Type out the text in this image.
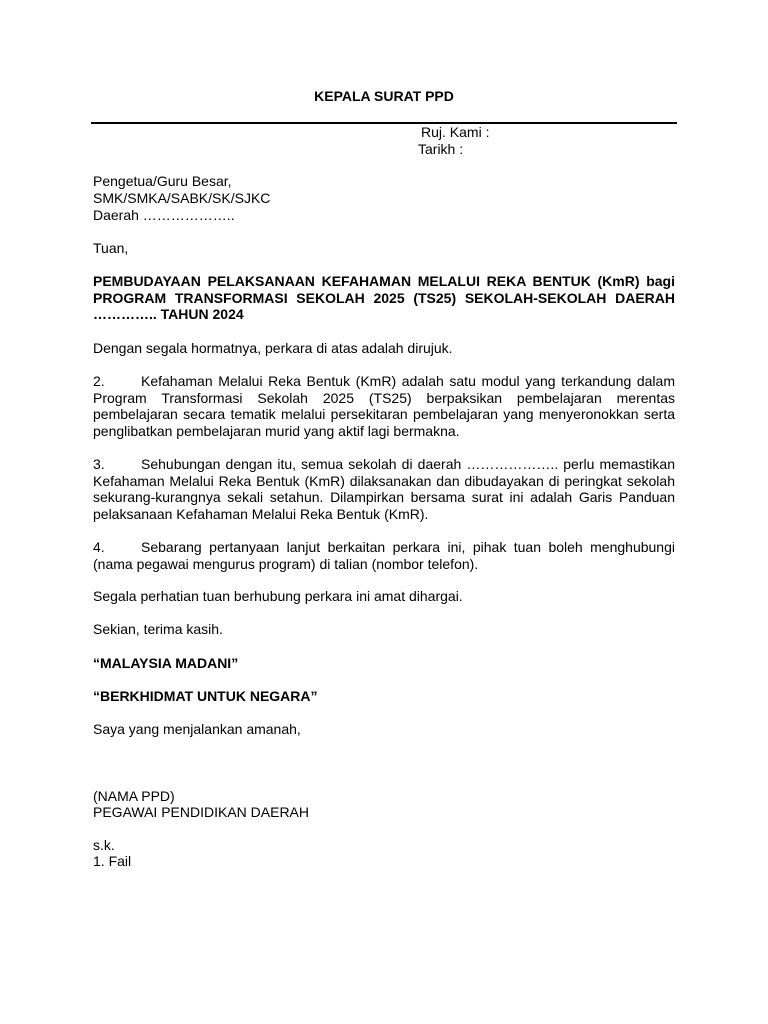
KEPALA SURAT PPD
Ruj. Kami :
Tarikh :
Pengetua/Guru Besar,
SMK/SMKA/SABK/SK/SJKC
Daerah ………………..
Tuan,
PEMBUDAYAAN PELAKSANAAN KEFAHAMAN MELALUI REKA BENTUK (KmR) bagi
PROGRAM TRANSFORMASI SEKOLAH 2025 (TS25) SEKOLAH-SEKOLAH DAERAH
………….. TAHUN 2024
Dengan segala hormatnya, perkara di atas adalah dirujuk.
2.	Kefahaman Melalui Reka Bentuk (KmR) adalah satu modul yang terkandung dalam
Program Transformasi Sekolah 2025 (TS25) berpaksikan pembelajaran merentas
pembelajaran secara tematik melalui persekitaran pembelajaran yang menyeronokkan serta
penglibatkan pembelajaran murid yang aktif lagi bermakna.
3.	Sehubungan dengan itu, semua sekolah di daerah ……………….. perlu memastikan
Kefahaman Melalui Reka Bentuk (KmR) dilaksanakan dan dibudayakan di peringkat sekolah
sekurang-kurangnya sekali setahun. Dilampirkan bersama surat ini adalah Garis Panduan
pelaksanaan Kefahaman Melalui Reka Bentuk (KmR).
4.	Sebarang pertanyaan lanjut berkaitan perkara ini, pihak tuan boleh menghubungi
(nama pegawai mengurus program) di talian (nombor telefon).
Segala perhatian tuan berhubung perkara ini amat dihargai.
Sekian, terima kasih.
“MALAYSIA MADANI”
“BERKHIDMAT UNTUK NEGARA”
Saya yang menjalankan amanah,
(NAMA PPD)
PEGAWAI PENDIDIKAN DAERAH
s.k.
1. Fail
